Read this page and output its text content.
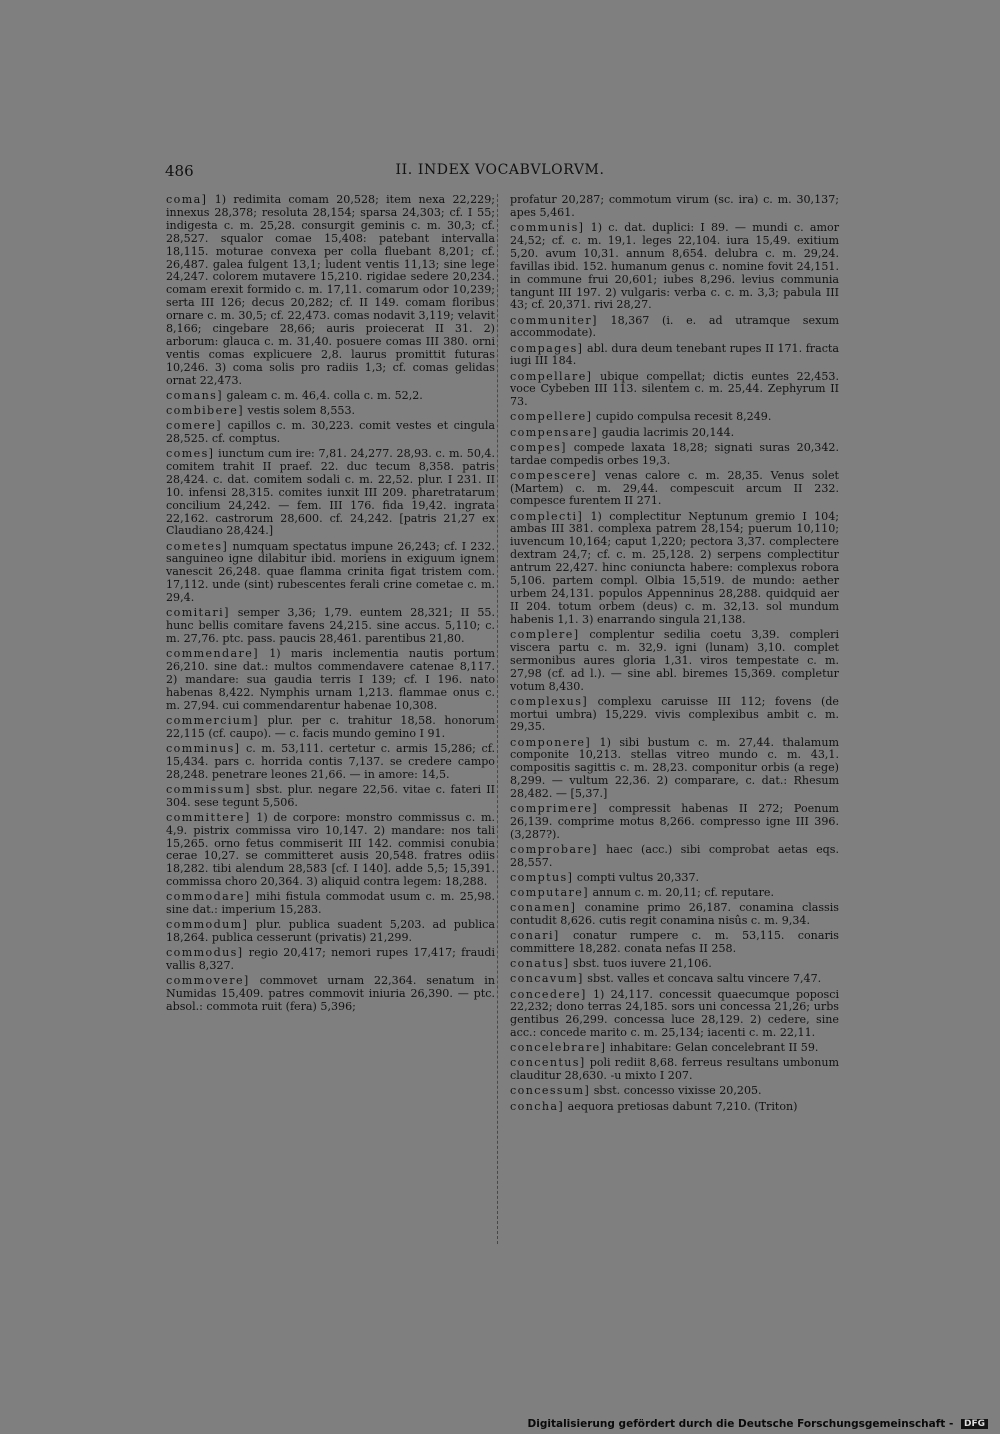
486	II. INDEX VOCABVLORVM.
coma] 1) redimita comam 20,528; item nexa 22,229; innexus 28,378; resoluta 28,154; sparsa 24,303; cf. I 55; indigesta c. m. 25,28. consurgit geminis c. m. 30,3; cf. 28,527. squalor comae 15,408: patebant intervalla 18,115. moturae convexa per colla fluebant 8,201; cf. 26,487. galea fulgent 13,1; ludent ventis 11,13; sine lege 24,247. colorem mutavere 15,210. rigidae sedere 20,234. comam erexit formido c. m. 17,11. comarum odor 10,239; serta III 126; decus 20,282; cf. II 149. comam floribus ornare c. m. 30,5; cf. 22,473. comas nodavit 3,119; velavit 8,166; cingebare 28,66; auris proiecerat II 31. 2) arborum: glauca c. m. 31,40. posuere comas III 380. orni ventis comas explicuere 2,8. laurus promittit futuras 10,246. 3) coma solis pro radiis 1,3; cf. comas gelidas ornat 22,473.
comans] galeam c. m. 46,4. colla c. m. 52,2.
combibere] vestis solem 8,553.
comere] capillos c. m. 30,223. comit vestes et cingula 28,525. cf. comptus.
comes] iunctum cum ire: 7,81. 24,277. 28,93. c. m. 50,4. comitem trahit II praef. 22. duc tecum 8,358. patris 28,424. c. dat. comitem sodali c. m. 22,52. plur. I 231. II 10. infensi 28,315. comites iunxit III 209. pharetratarum concilium 24,242. — fem. III 176. fida 19,42. ingrata 22,162. castrorum 28,600. cf. 24,242. [patris 21,27 ex Claudiano 28,424.]
cometes] numquam spectatus impune 26,243; cf. I 232. sanguineo igne dilabitur ibid. moriens in exiguum ignem vanescit 26,248. quae flamma crinita figat tristem com. 17,112. unde (sint) rubescentes ferali crine cometae c. m. 29,4.
comitari] semper 3,36; 1,79. euntem 28,321; II 55. hunc bellis comitare favens 24,215. sine accus. 5,110; c. m. 27,76. ptc. pass. paucis 28,461. parentibus 21,80.
commendare] 1) maris inclementia nautis portum 26,210. sine dat.: multos commendavere catenae 8,117. 2) mandare: sua gaudia terris I 139; cf. I 196. nato habenas 8,422. Nymphis urnam 1,213. flammae onus c. m. 27,94. cui commendarentur habenae 10,308.
commercium] plur. per c. trahitur 18,58. honorum 22,115 (cf. caupo). — c. facis mundo gemino I 91.
comminus] c. m. 53,111. certetur c. armis 15,286; cf. 15,434. pars c. horrida contis 7,137. se credere campo 28,248. penetrare leones 21,66. — in amore: 14,5.
commissum] sbst. plur. negare 22,56. vitae c. fateri II 304. sese tegunt 5,506.
committere] 1) de corpore: monstro commissus c. m. 4,9. pistrix commissa viro 10,147. 2) mandare: nos tali 15,265. orno fetus commiserit III 142. commisi conubia cerae 10,27. se committeret ausis 20,548. fratres odiis 18,282. tibi alendum 28,583 [cf. I 140]. adde 5,5; 15,391. commissa choro 20,364. 3) aliquid contra legem: 18,288.
commodare] mihi fistula commodat usum c. m. 25,98. sine dat.: imperium 15,283.
commodum] plur. publica suadent 5,203. ad publica 18,264. publica cesserunt (privatis) 21,299.
commodus] regio 20,417; nemori rupes 17,417; fraudi vallis 8,327.
commovere] commovet urnam 22,364. senatum in Numidas 15,409. patres commovit iniuria 26,390. — ptc. absol.: commota ruit (fera) 5,396;
profatur 20,287; commotum virum (sc. ira) c. m. 30,137; apes 5,461.
communis] 1) c. dat. duplici: I 89. — mundi c. amor 24,52; cf. c. m. 19,1. leges 22,104. iura 15,49. exitium 5,20. avum 10,31. annum 8,654. delubra c. m. 29,24. favillas ibid. 152. humanum genus c. nomine fovit 24,151. in commune frui 20,601; iubes 8,296. levius communia tangunt III 197. 2) vulgaris: verba c. c. m. 3,3; pabula III 43; cf. 20,371. rivi 28,27.
communiter] 18,367 (i. e. ad utramque sexum accommodate).
compages] abl. dura deum tenebant rupes II 171. fracta iugi III 184.
compellare] ubique compellat; dictis euntes 22,453. voce Cybeben III 113. silentem c. m. 25,44. Zephyrum II 73.
compellere] cupido compulsa recesit 8,249.
compensare] gaudia lacrimis 20,144.
compes] compede laxata 18,28; signati suras 20,342. tardae compedis orbes 19,3.
compescere] venas calore c. m. 28,35. Venus solet (Martem) c. m. 29,44. compescuit arcum II 232. compesce furentem II 271.
complecti] 1) complectitur Neptunum gremio I 104; ambas III 381. complexa patrem 28,154; puerum 10,110; iuvencum 10,164; caput 1,220; pectora 3,37. complectere dextram 24,7; cf. c. m. 25,128. 2) serpens complectitur antrum 22,427. hinc coniuncta habere: complexus robora 5,106. partem compl. Olbia 15,519. de mundo: aether urbem 24,131. populos Appenninus 28,288. quidquid aer II 204. totum orbem (deus) c. m. 32,13. sol mundum habenis 1,1. 3) enarrando singula 21,138.
complere] complentur sedilia coetu 3,39. compleri viscera partu c. m. 32,9. igni (lunam) 3,10. complet sermonibus aures gloria 1,31. viros tempestate c. m. 27,98 (cf. ad l.). — sine abl. biremes 15,369. completur votum 8,430.
complexus] complexu caruisse III 112; fovens (de mortui umbra) 15,229. vivis complexibus ambit c. m. 29,35.
componere] 1) sibi bustum c. m. 27,44. thalamum componite 10,213. stellas vitreo mundo c. m. 43,1. compositis sagittis c. m. 28,23. componitur orbis (a rege) 8,299. — vultum 22,36. 2) comparare, c. dat.: Rhesum 28,482. — [5,37.]
comprimere] compressit habenas II 272; Poenum 26,139. comprime motus 8,266. compresso igne III 396. (3,287?).
comprobare] haec (acc.) sibi comprobat aetas eqs. 28,557.
comptus] compti vultus 20,337.
computare] annum c. m. 20,11; cf. reputare.
conamen] conamine primo 26,187. conamina classis contudit 8,626. cutis regit conamina nisûs c. m. 9,34.
conari] conatur rumpere c. m. 53,115. conaris committere 18,282. conata nefas II 258.
conatus] sbst. tuos iuvere 21,106.
concavum] sbst. valles et concava saltu vincere 7,47.
concedere] 1) 24,117. concessit quaecumque poposci 22,232; dono terras 24,185. sors uni concessa 21,26; urbs gentibus 26,299. concessa luce 28,129. 2) cedere, sine acc.: concede marito c. m. 25,134; iacenti c. m. 22,11.
concelebrare] inhabitare: Gelan concelebrant II 59.
concentus] poli rediit 8,68. ferreus resultans umbonum clauditur 28,630. -u mixto I 207.
concessum] sbst. concesso vixisse 20,205.
concha] aequora pretiosas dabunt 7,210. (Triton)
Digitalisierung gefördert durch die Deutsche Forschungsgemeinschaft - DFG
